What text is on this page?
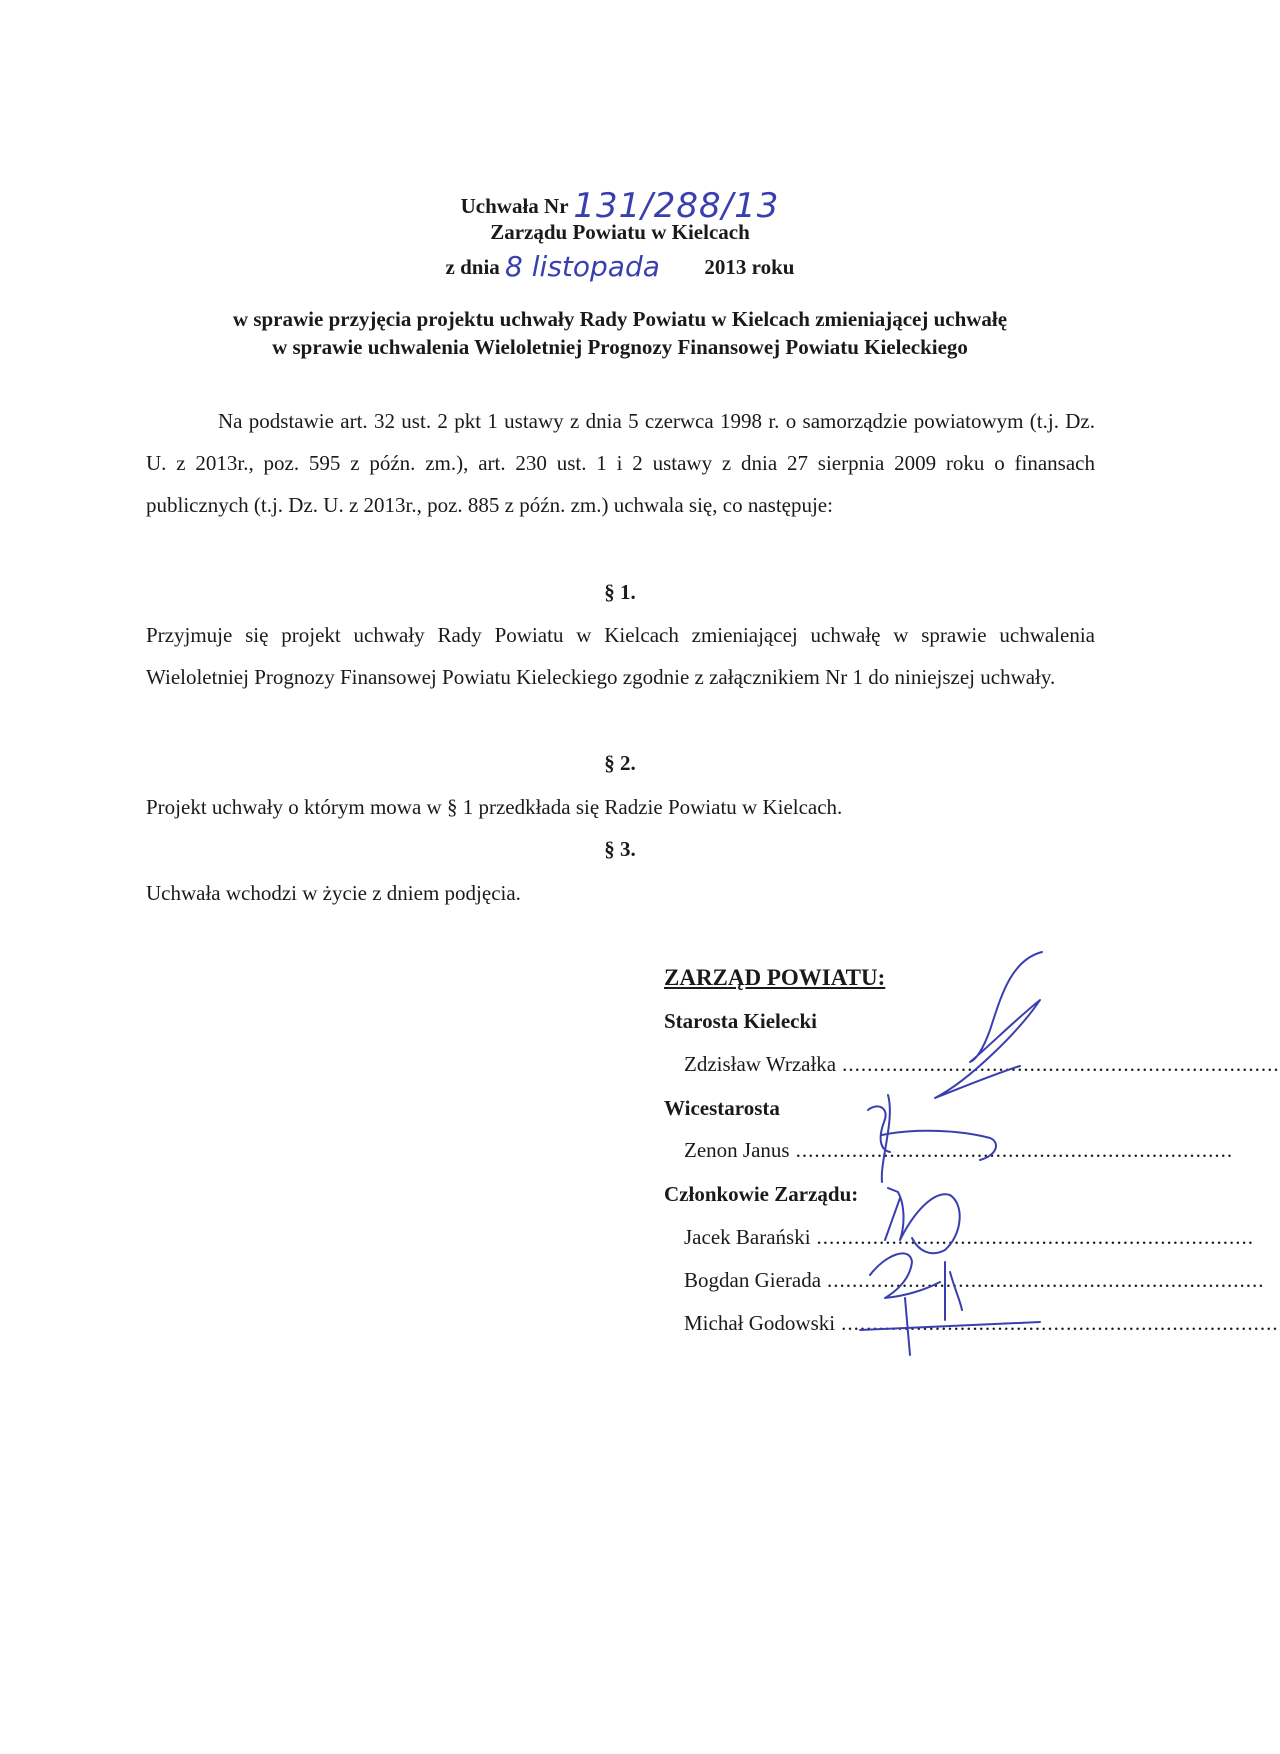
Uchwała Nr 131/288/13
Zarządu Powiatu w Kielcach
z dnia 8 listopada 2013 roku
w sprawie przyjęcia projektu uchwały Rady Powiatu w Kielcach zmieniającej uchwałę
w sprawie uchwalenia Wieloletniej Prognozy Finansowej Powiatu Kieleckiego
Na podstawie art. 32 ust. 2 pkt 1 ustawy z dnia 5 czerwca 1998 r. o samorządzie powiatowym (t.j. Dz. U. z 2013r., poz. 595 z późn. zm.), art. 230 ust. 1 i 2 ustawy z dnia 27 sierpnia 2009 roku o finansach publicznych (t.j. Dz. U. z 2013r., poz. 885 z późn. zm.) uchwala się, co następuje:
§ 1.
Przyjmuje się projekt uchwały Rady Powiatu w Kielcach zmieniającej uchwałę w sprawie uchwalenia Wieloletniej Prognozy Finansowej Powiatu Kieleckiego zgodnie z załącznikiem Nr 1 do niniejszej uchwały.
§ 2.
Projekt uchwały o którym mowa w § 1 przedkłada się Radzie Powiatu w Kielcach.
§ 3.
Uchwała wchodzi w życie z dniem podjęcia.
ZARZĄD POWIATU:
Starosta Kielecki
Zdzisław Wrzałka ......................................................................
Wicestarosta
Zenon Janus ......................................................................
Członkowie Zarządu:
Jacek Barański ......................................................................
Bogdan Gierada ......................................................................
Michał Godowski ......................................................................
